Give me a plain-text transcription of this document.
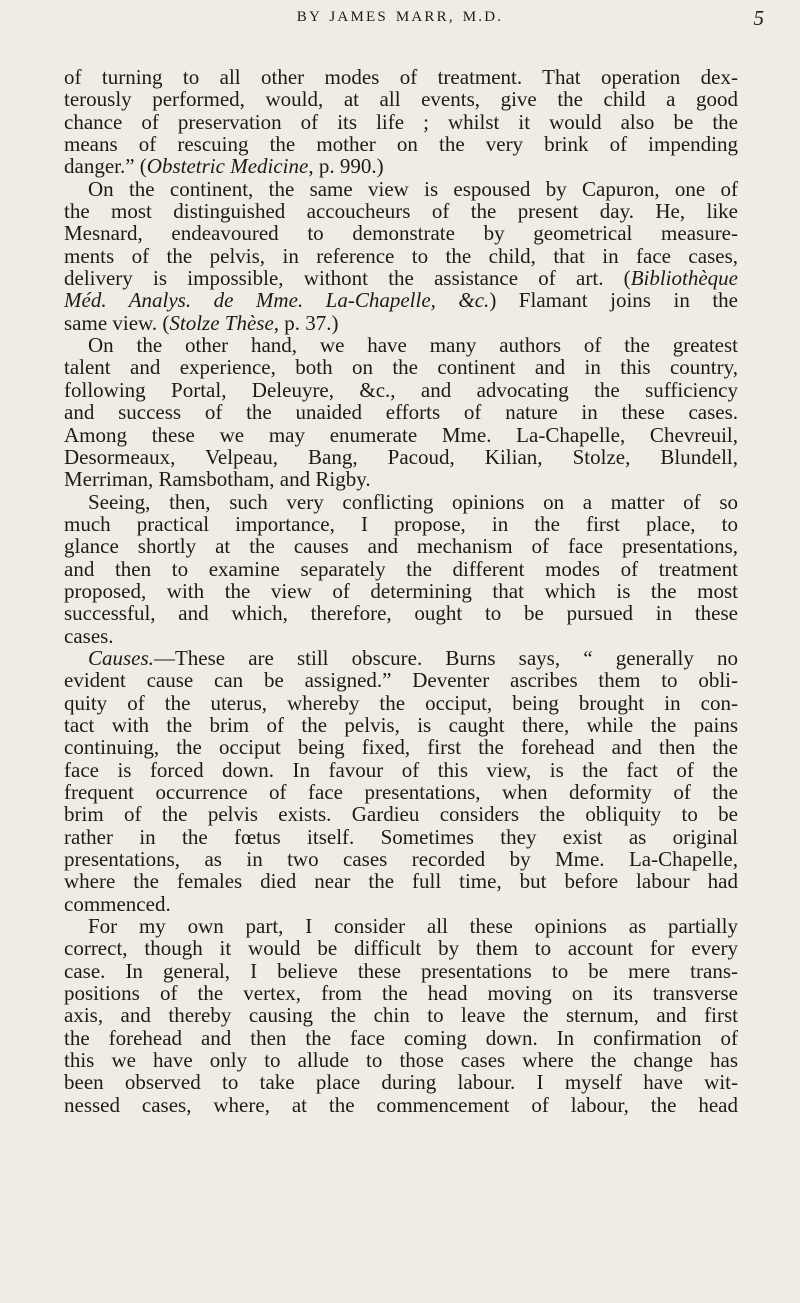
BY JAMES MARR, M.D.	5
of turning to all other modes of treatment. That operation dex-
terously performed, would, at all events, give the child a good
chance of preservation of its life ; whilst it would also be the
means of rescuing the mother on the very brink of impending
danger.” (Obstetric Medicine, p. 990.)
On the continent, the same view is espoused by Capuron, one of
the most distinguished accoucheurs of the present day. He, like
Mesnard, endeavoured to demonstrate by geometrical measure-
ments of the pelvis, in reference to the child, that in face cases,
delivery is impossible, withont the assistance of art. (Bibliothèque
Méd. Analys. de Mme. La-Chapelle, &c.) Flamant joins in the
same view. (Stolze Thèse, p. 37.)
On the other hand, we have many authors of the greatest
talent and experience, both on the continent and in this country,
following Portal, Deleuyre, &c., and advocating the sufficiency
and success of the unaided efforts of nature in these cases.
Among these we may enumerate Mme. La-Chapelle, Chevreuil,
Desormeaux, Velpeau, Bang, Pacoud, Kilian, Stolze, Blundell,
Merriman, Ramsbotham, and Rigby.
Seeing, then, such very conflicting opinions on a matter of so
much practical importance, I propose, in the first place, to
glance shortly at the causes and mechanism of face presentations,
and then to examine separately the different modes of treatment
proposed, with the view of determining that which is the most
successful, and which, therefore, ought to be pursued in these
cases.
Causes.—These are still obscure. Burns says, “ generally no
evident cause can be assigned.” Deventer ascribes them to obli-
quity of the uterus, whereby the occiput, being brought in con-
tact with the brim of the pelvis, is caught there, while the pains
continuing, the occiput being fixed, first the forehead and then the
face is forced down. In favour of this view, is the fact of the
frequent occurrence of face presentations, when deformity of the
brim of the pelvis exists. Gardieu considers the obliquity to be
rather in the fœtus itself. Sometimes they exist as original
presentations, as in two cases recorded by Mme. La-Chapelle,
where the females died near the full time, but before labour had
commenced.
For my own part, I consider all these opinions as partially
correct, though it would be difficult by them to account for every
case. In general, I believe these presentations to be mere trans-
positions of the vertex, from the head moving on its transverse
axis, and thereby causing the chin to leave the sternum, and first
the forehead and then the face coming down. In confirmation of
this we have only to allude to those cases where the change has
been observed to take place during labour. I myself have wit-
nessed cases, where, at the commencement of labour, the head
